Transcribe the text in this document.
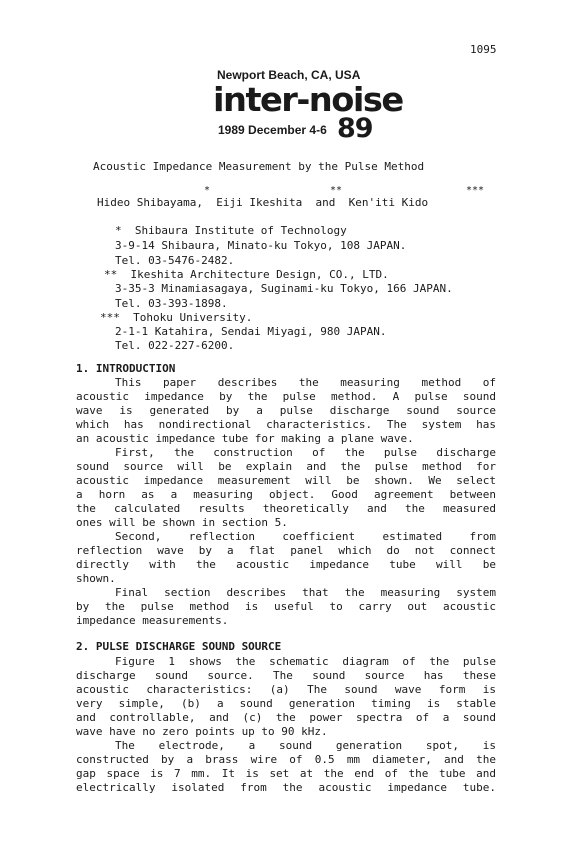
1095
Newport Beach, CA, USA
inter-noise
1989 December 4-6 89
Acoustic Impedance Measurement by the Pulse Method
*	**	***
Hideo Shibayama,  Eiji Ikeshita  and  Ken'iti Kido
*  Shibaura Institute of Technology
3-9-14 Shibaura, Minato-ku Tokyo, 108 JAPAN.
Tel. 03-5476-2482.
**  Ikeshita Architecture Design, CO., LTD.
3-35-3 Minamiasagaya, Suginami-ku Tokyo, 166 JAPAN.
Tel. 03-393-1898.
***  Tohoku University.
2-1-1 Katahira, Sendai Miyagi, 980 JAPAN.
Tel. 022-227-6200.
1. INTRODUCTION
This paper describes the measuring method of
acoustic impedance by the pulse method. A pulse sound
wave is generated by a pulse discharge sound source
which has nondirectional characteristics. The system has
an acoustic impedance tube for making a plane wave.
First, the construction of the pulse discharge
sound source will be explain and the pulse method for
acoustic impedance measurement will be shown. We select
a horn as a measuring object. Good agreement between
the calculated results theoretically and the measured
ones will be shown in section 5.
Second, reflection coefficient estimated from
reflection wave by a flat panel which do not connect
directly with the acoustic impedance tube will be
shown.
Final section describes that the measuring system
by the pulse method is useful to carry out acoustic
impedance measurements.
2. PULSE DISCHARGE SOUND SOURCE
Figure 1 shows the schematic diagram of the pulse
discharge sound source. The sound source has these
acoustic characteristics: (a) The sound wave form is
very simple, (b) a sound generation timing is stable
and controllable, and (c) the power spectra of a sound
wave have no zero points up to 90 kHz.
The electrode, a sound generation spot, is
constructed by a brass wire of 0.5 mm diameter, and the
gap space is 7 mm. It is set at the end of the tube and
electrically isolated from the acoustic impedance tube.
